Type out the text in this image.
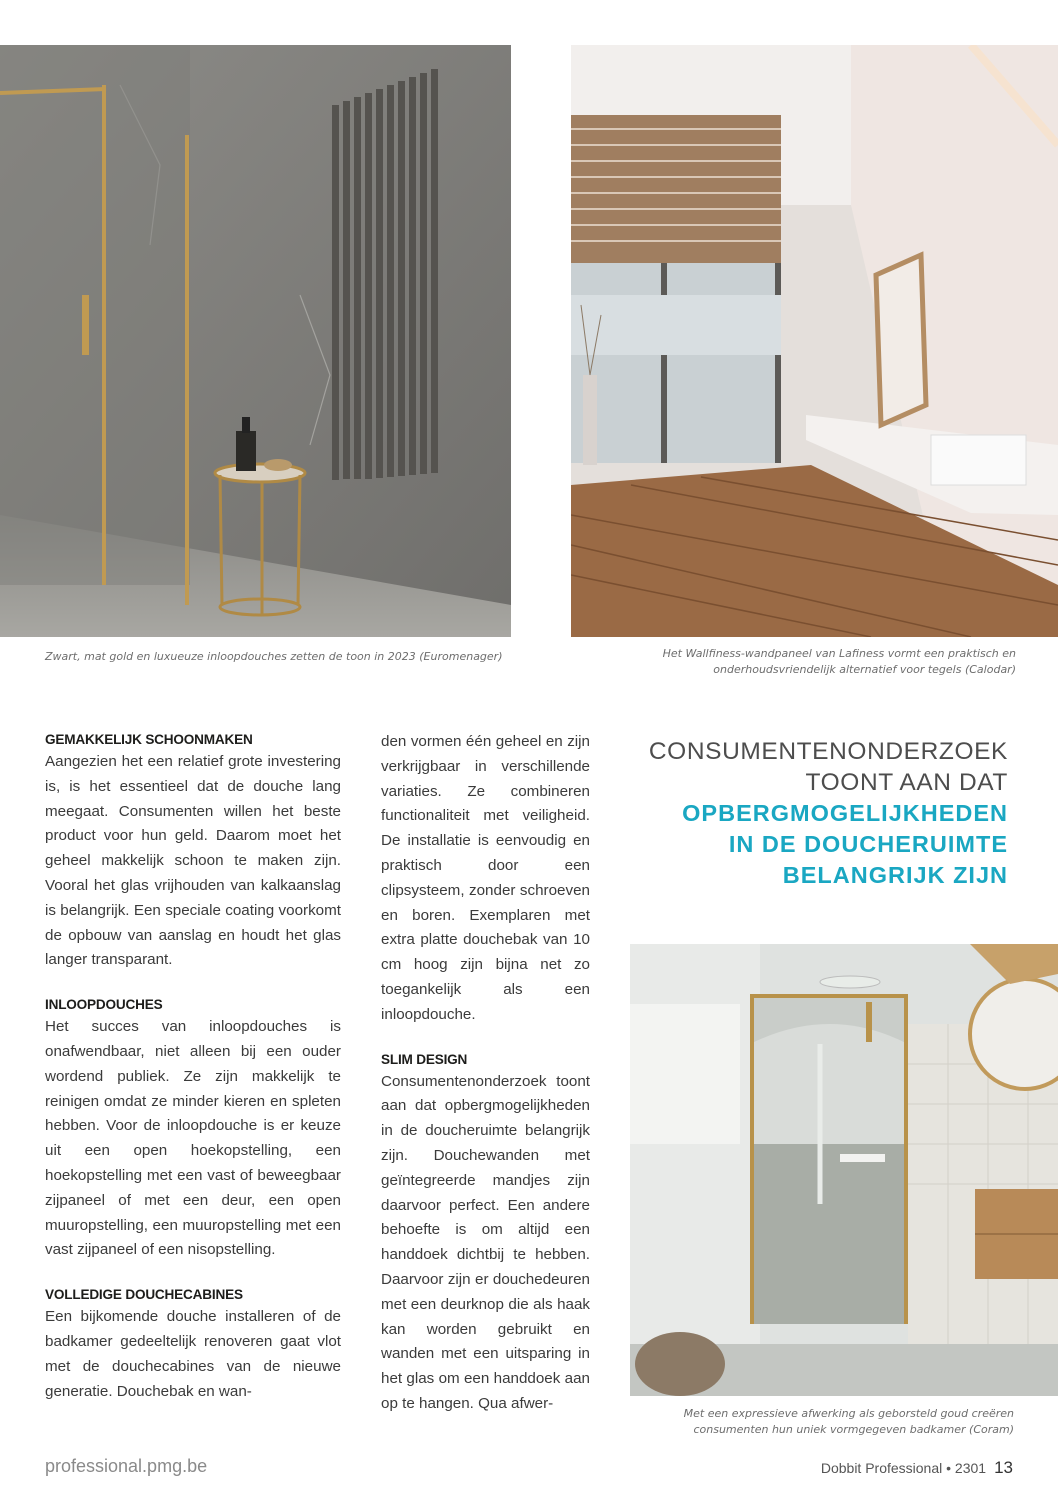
Zwart, mat gold en luxueuze inloopdouches zetten de toon in 2023 (Euromenager)	Het Wallfiness-wandpaneel van Lafiness vormt een praktisch en
onderhoudsvriendelijk alternatief voor tegels (Calodar)

GEMAKKELIJK SCHOONMAKEN

Aangezien het een relatief grote investering is, is het essentieel dat de douche lang meegaat. Consumenten willen het beste product voor hun geld. Daarom moet het geheel makkelijk schoon te maken zijn. Vooral het glas vrijhouden van kalkaanslag is belangrijk. Een speciale coating voorkomt de opbouw van aanslag en houdt het glas langer transparant.

INLOOPDOUCHES

Het succes van inloopdouches is onafwendbaar, niet alleen bij een ouder wordend publiek. Ze zijn makkelijk te reinigen omdat ze minder kieren en spleten hebben. Voor de inloopdouche is er keuze uit een open hoekopstelling, een hoekopstelling met een vast of beweegbaar zijpaneel of met een deur, een open muuropstelling, een muuropstelling met een vast zijpaneel of een nisopstelling.

VOLLEDIGE DOUCHECABINES

Een bijkomende douche installeren of de badkamer gedeeltelijk renoveren gaat vlot met de douchecabines van de nieuwe generatie. Douchebak en wan-

den vormen één geheel en zijn verkrijgbaar in verschillende variaties. Ze combineren functionaliteit met veiligheid. De installatie is eenvoudig en praktisch door een clipsysteem, zonder schroeven en boren. Exemplaren met extra platte douchebak van 10 cm hoog zijn bijna net zo toegankelijk als een inloopdouche.

SLIM DESIGN

Consumentenonderzoek toont aan dat opbergmogelijkheden in de doucheruimte belangrijk zijn. Douchewanden met geïntegreerde mandjes zijn daarvoor perfect. Een andere behoefte is om altijd een handdoek dichtbij te hebben. Daarvoor zijn er douchedeuren met een deurknop die als haak kan worden gebruikt en wanden met een uitsparing in het glas om een handdoek aan op te hangen. Qua afwer-

CONSUMENTENONDERZOEK
TOONT AAN DAT
OPBERGMOGELIJKHEDEN
IN DE DOUCHERUIMTE
BELANGRIJK ZIJN

Met een expressieve afwerking als geborsteld goud creëren
consumenten hun uniek vormgegeven badkamer (Coram)

professional.pmg.be	Dobbit Professional • 2301 13
